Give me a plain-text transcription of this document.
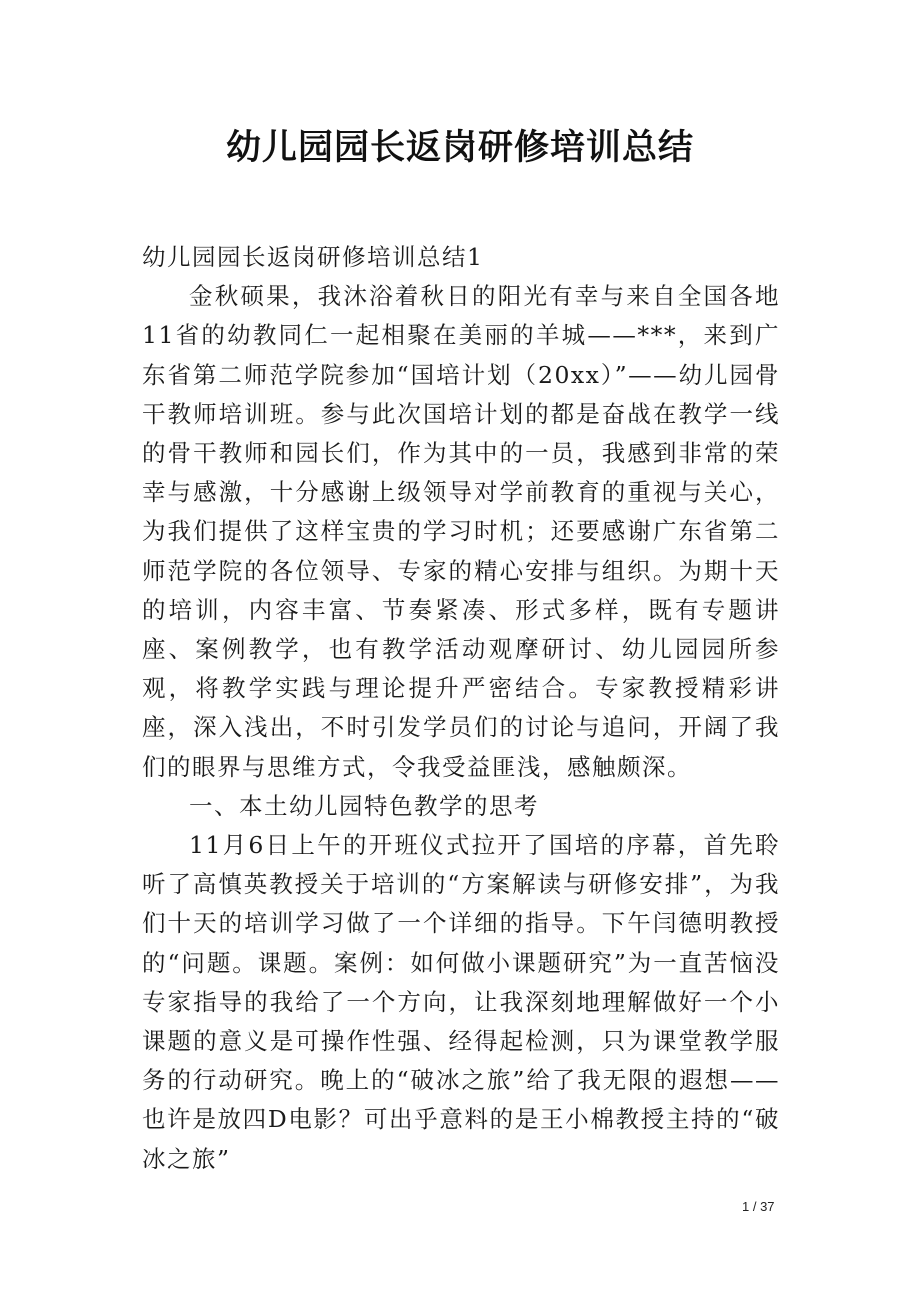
幼儿园园长返岗研修培训总结

幼儿园园长返岗研修培训总结1

金秋硕果，我沐浴着秋日的阳光有幸与来自全国各地11省的幼教同仁一起相聚在美丽的羊城——***，来到广东省第二师范学院参加“国培计划（20xx）”——幼儿园骨干教师培训班。参与此次国培计划的都是奋战在教学一线的骨干教师和园长们，作为其中的一员，我感到非常的荣幸与感激，十分感谢上级领导对学前教育的重视与关心，为我们提供了这样宝贵的学习时机；还要感谢广东省第二师范学院的各位领导、专家的精心安排与组织。为期十天的培训，内容丰富、节奏紧凑、形式多样，既有专题讲座、案例教学，也有教学活动观摩研讨、幼儿园园所参观，将教学实践与理论提升严密结合。专家教授精彩讲座，深入浅出，不时引发学员们的讨论与追问，开阔了我们的眼界与思维方式，令我受益匪浅，感触颇深。

一、本土幼儿园特色教学的思考

11月6日上午的开班仪式拉开了国培的序幕，首先聆听了高慎英教授关于培训的“方案解读与研修安排”，为我们十天的培训学习做了一个详细的指导。下午闫德明教授的“问题。课题。案例：如何做小课题研究”为一直苦恼没专家指导的我给了一个方向，让我深刻地理解做好一个小课题的意义是可操作性强、经得起检测，只为课堂教学服务的行动研究。晚上的“破冰之旅”给了我无限的遐想——也许是放四D电影？可出乎意料的是王小棉教授主持的“破冰之旅”

1 / 37
